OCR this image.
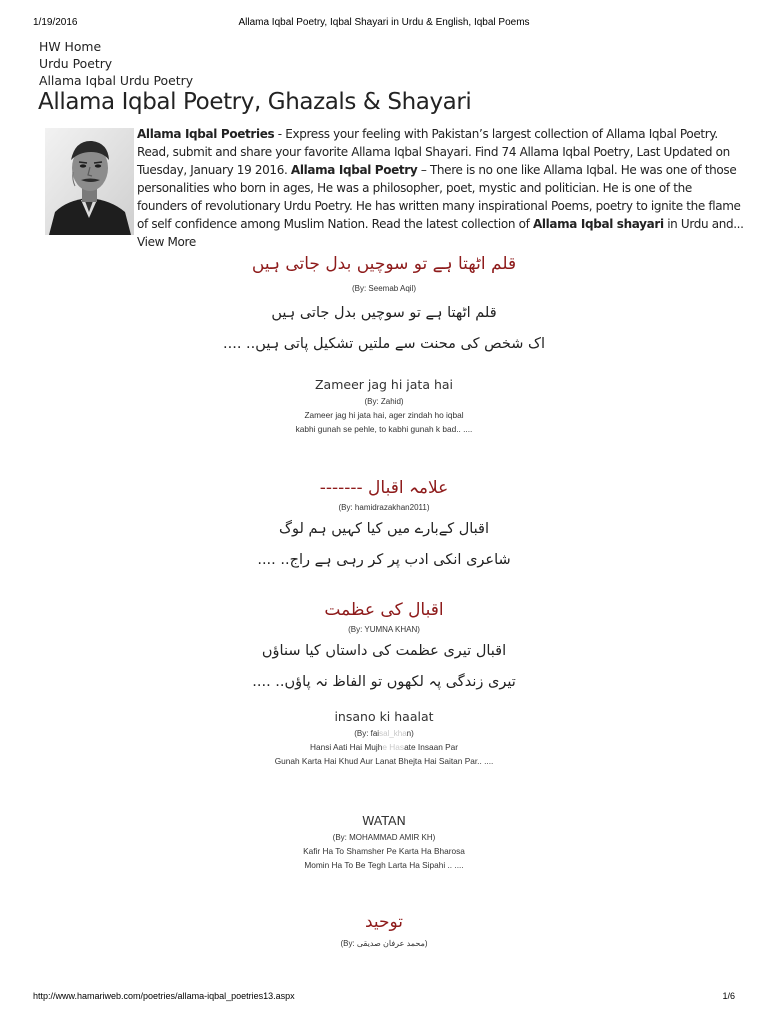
1/19/2016	Allama Iqbal Poetry, Iqbal Shayari in Urdu & English, Iqbal Poems
HW Home
Urdu Poetry
Allama Iqbal Urdu Poetry
Allama Iqbal Poetry, Ghazals & Shayari

Allama Iqbal Poetries - Express your feeling with Pakistan’s largest collection of Allama Iqbal Poetry. Read, submit and share your favorite Allama Iqbal Shayari. Find 74 Allama Iqbal Poetry, Last Updated on Tuesday, January 19 2016. Allama Iqbal Poetry – There is no one like Allama Iqbal. He was one of those personalities who born in ages, He was a philosopher, poet, mystic and politician. He is one of the founders of revolutionary Urdu Poetry. He has written many inspirational Poems, poetry to ignite the flame of self confidence among Muslim Nation. Read the latest collection of Allama Iqbal shayari in Urdu and... View More

قلم اٹھتا ہے تو سوچیں بدل جاتی ہیں
(By: Seemab Aqil)
قلم اٹھتا ہے تو سوچیں بدل جاتی ہیں
اک شخص کی محنت سے ملتیں تشکیل پاتی ہیں.. ....
Zameer jag hi jata hai
(By: Zahid)
Zameer jag hi jata hai, ager zindah ho iqbal
kabhi gunah se pehle, to kabhi gunah k bad.. ....
علامہ اقبال -------
(By: hamidrazakhan2011)
اقبال کےبارے میں کیا کہیں ہم لوگ
شاعری انکی ادب پر کر رہی ہے راج.. ....
اقبال کی عظمت
(By: YUMNA KHAN)
اقبال تیری عظمت کی داستاں کیا سناؤں
تیری زندگی پہ لکھوں تو الفاظ نہ پاؤں.. ....
insano ki haalat
(By: faisal_khan)
Hansi Aati Hai Mujhe Hasate Insaan Par
Gunah Karta Hai Khud Aur Lanat Bhejta Hai Saitan Par.. ....
WATAN
(By: MOHAMMAD AMIR KH)
Kafir Ha To Shamsher Pe Karta Ha Bharosa
Momin Ha To Be Tegh Larta Ha Sipahi .. ....
توحید
(By: محمد عرفان صدیقی)
http://www.hamariweb.com/poetries/allama-iqbal_poetries13.aspx	1/6
